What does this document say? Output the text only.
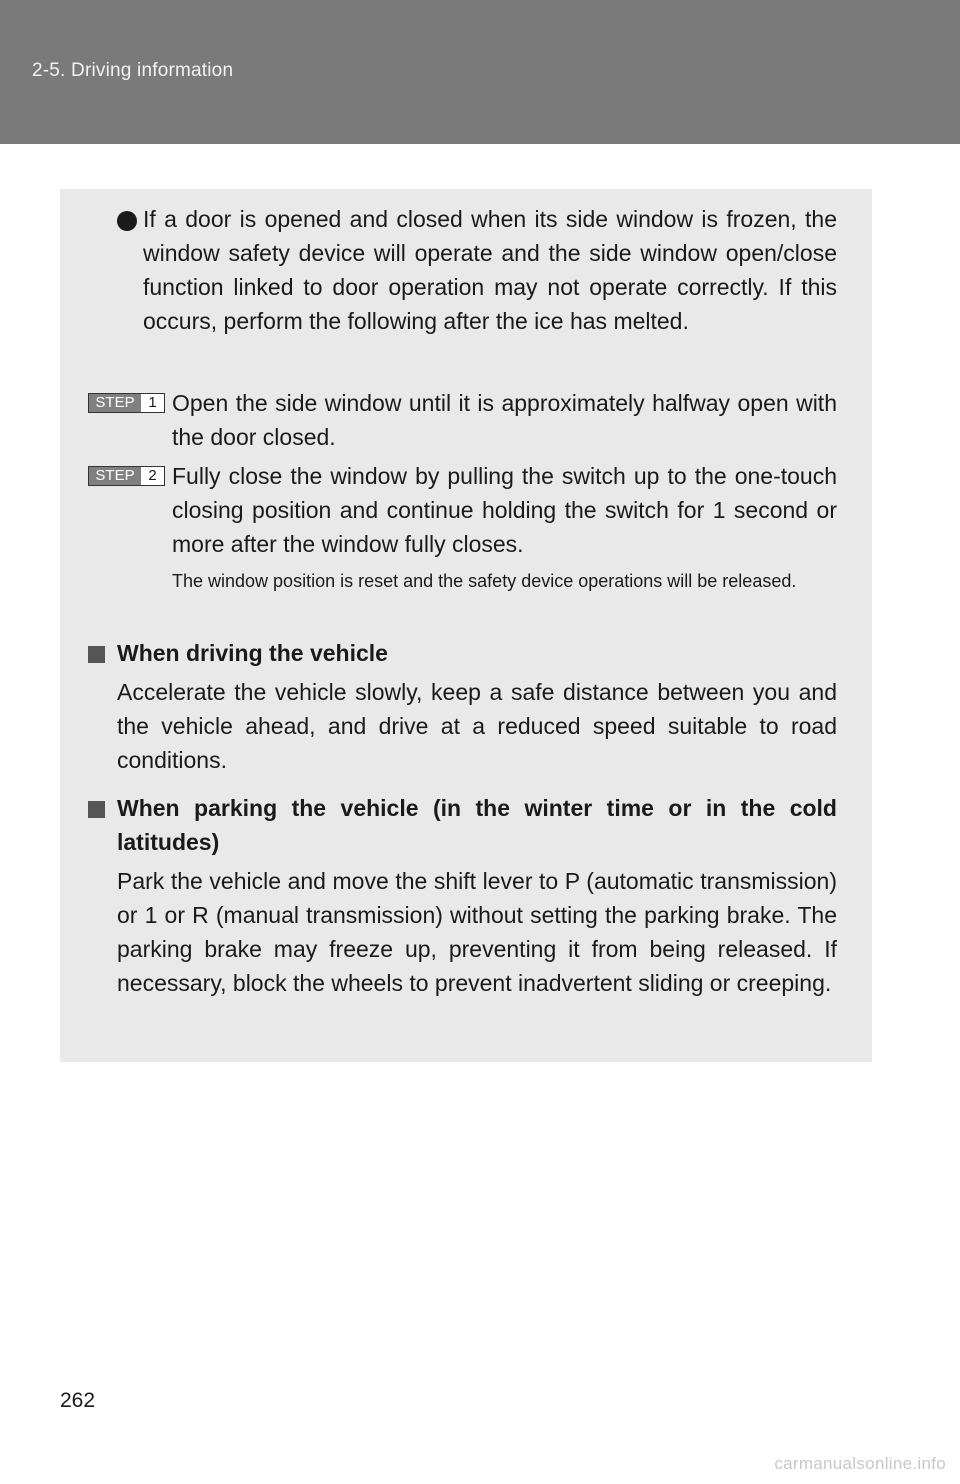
2-5. Driving information

If a door is opened and closed when its side window is frozen, the window safety device will operate and the side window open/close function linked to door operation may not operate correctly. If this occurs, perform the following after the ice has melted.

STEP 1 Open the side window until it is approximately halfway open with the door closed.

STEP 2 Fully close the window by pulling the switch up to the one-touch closing position and continue holding the switch for 1 second or more after the window fully closes.

The window position is reset and the safety device operations will be released.

When driving the vehicle

Accelerate the vehicle slowly, keep a safe distance between you and the vehicle ahead, and drive at a reduced speed suitable to road conditions.

When parking the vehicle (in the winter time or in the cold latitudes)

Park the vehicle and move the shift lever to P (automatic transmission) or 1 or R (manual transmission) without setting the parking brake. The parking brake may freeze up, preventing it from being released. If necessary, block the wheels to prevent inadvertent sliding or creeping.

262
carmanualsonline.info
